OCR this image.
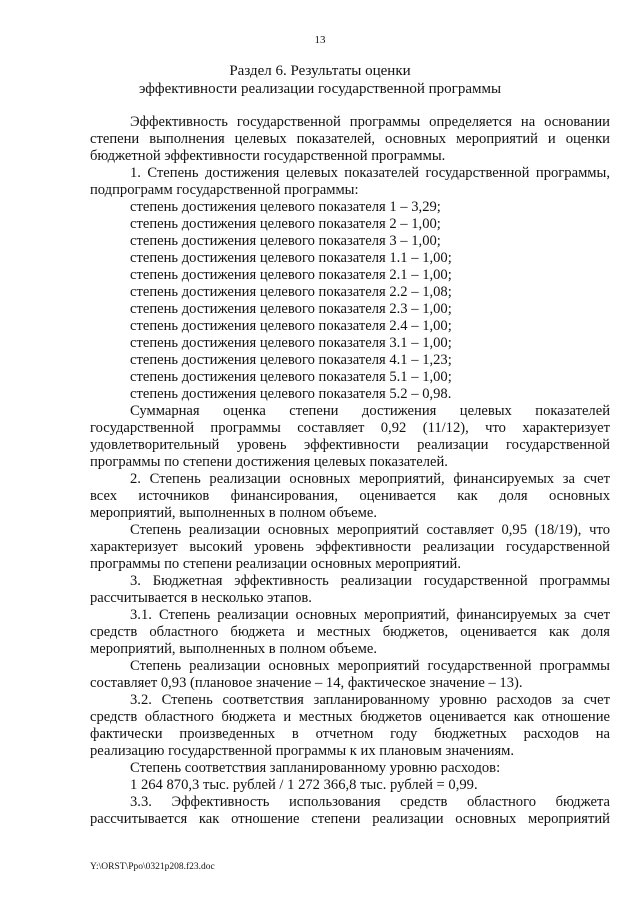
13
Раздел 6. Результаты оценки
эффективности реализации государственной программы
Эффективность государственной программы определяется на основании
степени выполнения целевых показателей, основных мероприятий и оценки
бюджетной эффективности государственной программы.
1. Степень достижения целевых показателей государственной программы,
подпрограмм государственной программы:
степень достижения целевого показателя 1 – 3,29;
степень достижения целевого показателя 2 – 1,00;
степень достижения целевого показателя 3 – 1,00;
степень достижения целевого показателя 1.1 – 1,00;
степень достижения целевого показателя 2.1 – 1,00;
степень достижения целевого показателя 2.2 – 1,08;
степень достижения целевого показателя 2.3 – 1,00;
степень достижения целевого показателя 2.4 – 1,00;
степень достижения целевого показателя 3.1 – 1,00;
степень достижения целевого показателя 4.1 – 1,23;
степень достижения целевого показателя 5.1 – 1,00;
степень достижения целевого показателя 5.2 – 0,98.
Суммарная оценка степени достижения целевых показателей
государственной программы составляет 0,92 (11/12), что характеризует
удовлетворительный уровень эффективности реализации государственной
программы по степени достижения целевых показателей.
2. Степень реализации основных мероприятий, финансируемых за счет
всех источников финансирования, оценивается как доля основных
мероприятий, выполненных в полном объеме.
Степень реализации основных мероприятий составляет 0,95 (18/19), что
характеризует высокий уровень эффективности реализации государственной
программы по степени реализации основных мероприятий.
3. Бюджетная эффективность реализации государственной программы
рассчитывается в несколько этапов.
3.1. Степень реализации основных мероприятий, финансируемых за счет
средств областного бюджета и местных бюджетов, оценивается как доля
мероприятий, выполненных в полном объеме.
Степень реализации основных мероприятий государственной программы
составляет 0,93 (плановое значение – 14, фактическое значение – 13).
3.2. Степень соответствия запланированному уровню расходов за счет
средств областного бюджета и местных бюджетов оценивается как отношение
фактически произведенных в отчетном году бюджетных расходов на
реализацию государственной программы к их плановым значениям.
Степень соответствия запланированному уровню расходов:
1 264 870,3 тыс. рублей / 1 272 366,8 тыс. рублей = 0,99.
3.3. Эффективность использования средств областного бюджета
рассчитывается как отношение степени реализации основных мероприятий
Y:\ORST\Ppo\0321p208.f23.doc
